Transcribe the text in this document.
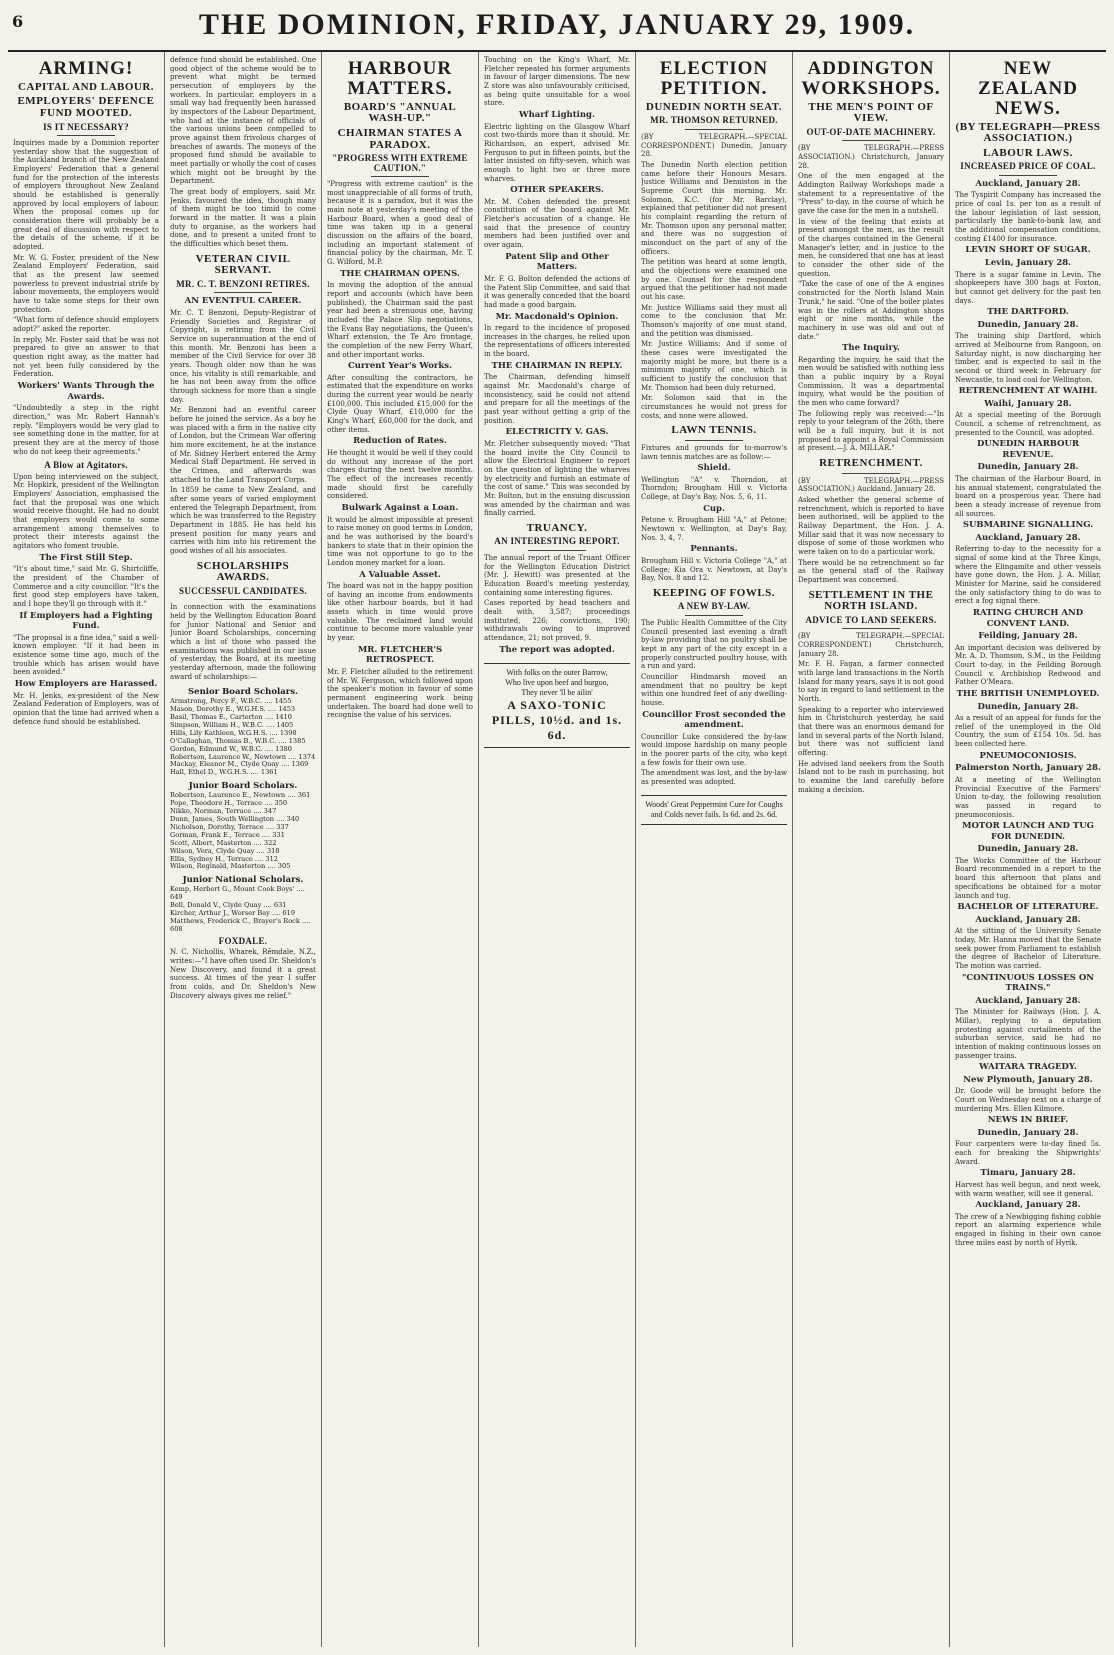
6	THE DOMINION, FRIDAY, JANUARY 29, 1909.
ARMING!
CAPITAL AND LABOUR.
EMPLOYERS' DEFENCE FUND MOOTED.
IS IT NECESSARY?

Inquiries made by a Dominion reporter yesterday show that the suggestion of the Auckland branch of the New Zealand Employers' Federation that a general fund for the protection of the interests of employers throughout New Zealand should be established is generally approved by local employers of labour. When the proposal comes up for consideration there will probably be a great deal of discussion with respect to the details of the scheme, if it be adopted.

Mr. W. G. Foster, president of the New Zealand Employers' Federation, said that as the present law seemed powerless to prevent industrial strife by labour movements, the employers would have to take some steps for their own protection.

"What form of defence should employers adopt?" asked the reporter.

In reply, Mr. Foster said that he was not prepared to give an answer to that question right away, as the matter had not yet been fully considered by the Federation.

Workers' Wants Through the Awards.

"Undoubtedly a step in the right direction," was Mr. Robert Hannah's reply. "Employers would be very glad to see something done in the matter, for at present they are at the mercy of those who do not keep their agreements."

A Blow at Agitators.

Upon being interviewed on the subject, Mr. Hopkirk, president of the Wellington Employers' Association, emphasised the fact that the proposal was one which would receive thought. He had no doubt that employers would come to some arrangement among themselves to protect their interests against the agitators who foment trouble.

The First Still Step.

"It's about time," said Mr. G. Shirtcliffe, the president of the Chamber of Commerce and a city councillor. "It's the first good step employers have taken, and I hope they'll go through with it."

If Employers had a Fighting Fund.

"The proposal is a fine idea," said a well-known employer. "If it had been in existence some time ago, much of the trouble which has arisen would have been avoided."

How Employers are Harassed.

Mr. H. Jenks, ex-president of the New Zealand Federation of Employers, was of opinion that the time had arrived when a defence fund should be established.

defence fund should be established. One good object of the scheme would be to prevent what might be termed persecution of employers by the workers. In particular, employers in a small way had frequently been harassed by inspectors of the Labour Department, who had at the instance of officials of the various unions been compelled to prove against them frivolous charges of breaches of awards. The moneys of the proposed fund should be available to meet partially or wholly the cost of cases which might not be brought by the Department.

The great body of employers, said Mr. Jenks, favoured the idea, though many of them might be too timid to come forward in the matter. It was a plain duty to organise, as the workers had done, and to present a united front to the difficulties which beset them.

VETERAN CIVIL SERVANT.
MR. C. T. BENZONI RETIRES.

AN EVENTFUL CAREER.

Mr. C. T. Benzoni, Deputy-Registrar of Friendly Societies and Registrar of Copyright, is retiring from the Civil Service on superannuation at the end of this month. Mr. Benzoni has been a member of the Civil Service for over 38 years. Though older now than he was once, his vitality is still remarkable, and he has not been away from the office through sickness for more than a single day.

Mr. Benzoni had an eventful career before he joined the service. As a boy he was placed with a firm in the native city of London, but the Crimean War offering him more excitement, he at the instance of Mr. Sidney Herbert entered the Army Medical Staff Department. He served in the Crimea, and afterwards was attached to the Land Transport Corps.

In 1859 he came to New Zealand, and after some years of varied employment entered the Telegraph Department, from which he was transferred to the Registry Department in 1885. He has held his present position for many years and carries with him into his retirement the good wishes of all his associates.

SCHOLARSHIPS AWARDS.
SUCCESSFUL CANDIDATES.

In connection with the examinations held by the Wellington Education Board for Junior National and Senior and Junior Board Scholarships, concerning which a list of those who passed the examinations was published in our issue of yesterday, the Board, at its meeting yesterday afternoon, made the following award of scholarships:—

Senior Board Scholars.

Armstrong, Percy F., W.B.C. .... 1455

Mason, Dorothy E., W.G.H.S. .... 1453

Basil, Thomas E., Carterton .... 1410

Simpson, William H., W.B.C. .... 1405

Hills, Lily Kathleen, W.G.H.S. .... 1398

O'Callaghan, Thomas B., W.B.C. .... 1385

Gordon, Edmund W., W.B.C. .... 1380

Robertson, Laurence W., Newtown .... 1374

Mackay, Eleanor M., Clyde Quay .... 1369

Hall, Ethel D., W.G.H.S. .... 1361

Junior Board Scholars.

Robertson, Laurence E., Newtown .... 361

Pope, Theodore H., Terrace .... 350

Nikko, Norman, Terrace .... 347

Dunn, James, South Wellington .... 340

Nicholson, Dorothy, Terrace .... 337

Gorman, Frank E., Terrace .... 331

Scott, Albert, Masterton .... 322

Wilson, Vera, Clyde Quay .... 318

Ellis, Sydney H., Terrace .... 312

Wilson, Reginald, Masterton .... 305

Junior National Scholars.

Kemp, Herbert G., Mount Cook Boys' .... 649

Bell, Donald V., Clyde Quay .... 631

Kircher, Arthur J., Worser Bay .... 619

Matthews, Frederick C., Brayer's Rock .... 608

FOXDALE.

N. C. Nichollis, Wharek, Rēmdale, N.Z., writes:—"I have often used Dr. Sheldon's New Discovery, and found it a great success. At times of the year I suffer from colds, and Dr. Sheldon's New Discovery always gives me relief."

HARBOUR MATTERS.
BOARD'S "ANNUAL WASH-UP."
CHAIRMAN STATES A PARADOX.
"PROGRESS WITH EXTREME CAUTION."

"Progress with extreme caution" is the most unappreciable of all forms of truth, because it is a paradox, but it was the main note at yesterday's meeting of the Harbour Board, when a good deal of time was taken up in a general discussion on the affairs of the board, including an important statement of financial policy by the chairman, Mr. T. G. Wilford, M.P.

THE CHAIRMAN OPENS.

In moving the adoption of the annual report and accounts (which have been published), the Chairman said the past year had been a strenuous one, having included the Palace Slip negotiations, the Evans Bay negotiations, the Queen's Wharf extension, the Te Aro frontage, the completion of the new Ferry Wharf, and other important works.

Current Year's Works.

After consulting the contractors, he estimated that the expenditure on works during the current year would be nearly £100,000. This included £15,000 for the Clyde Quay Wharf, £10,000 for the King's Wharf, £60,000 for the dock, and other items.

Reduction of Rates.

He thought it would be well if they could do without any increase of the port charges during the next twelve months. The effect of the increases recently made should first be carefully considered.

Bulwark Against a Loan.

It would be almost impossible at present to raise money on good terms in London, and he was authorised by the board's bankers to state that in their opinion the time was not opportune to go to the London money market for a loan.

A Valuable Asset.

The board was not in the happy position of having an income from endowments like other harbour boards, but it had assets which in time would prove valuable. The reclaimed land would continue to become more valuable year by year.

MR. FLETCHER'S RETROSPECT.

Mr. F. Fletcher alluded to the retirement of Mr. W. Ferguson, which followed upon the speaker's motion in favour of some permanent engineering work being undertaken. The board had done well to recognise the value of his services.

Touching on the King's Wharf, Mr. Fletcher repeated his former arguments in favour of larger dimensions. The new Z store was also unfavourably criticised, as being quite unsuitable for a wool store.

Wharf Lighting.

Electric lighting on the Glasgow Wharf cost two-thirds more than it should. Mr. Richardson, an expert, advised Mr. Ferguson to put in fifteen points, but the latter insisted on fifty-seven, which was enough to light two or three more wharves.

OTHER SPEAKERS.

Mr. M. Cohen defended the present constitution of the board against Mr. Fletcher's accusation of a change. He said that the presence of country members had been justified over and over again.

Patent Slip and Other Matters.

Mr. F. G. Bolton defended the actions of the Patent Slip Committee, and said that it was generally conceded that the board had made a good bargain.

Mr. Macdonald's Opinion.

In regard to the incidence of proposed increases in the charges, he relied upon the representations of officers interested in the board.

THE CHAIRMAN IN REPLY.

The Chairman, defending himself against Mr. Macdonald's charge of inconsistency, said he could not attend and prepare for all the meetings of the past year without getting a grip of the position.

ELECTRICITY V. GAS.

Mr. Fletcher subsequently moved: "That the board invite the City Council to allow the Electrical Engineer to report on the question of lighting the wharves by electricity and furnish an estimate of the cost of same." This was seconded by Mr. Bolton, but in the ensuing discussion was amended by the chairman and was finally carried.

TRUANCY.
AN INTERESTING REPORT.

The annual report of the Truant Officer for the Wellington Education District (Mr. J. Hewitt) was presented at the Education Board's meeting yesterday, containing some interesting figures.

Cases reported by head teachers and dealt with, 3,587; proceedings instituted, 226; convictions, 190; withdrawals owing to improved attendance, 21; not proved, 9.

The report was adopted.

With folks on the outer Barrow,
Who live upon beef and burgoo,
They never 'll be ailin'
A SAXO-TONIC PILLS, 10½d. and 1s. 6d.
ELECTION PETITION.
DUNEDIN NORTH SEAT.
MR. THOMSON RETURNED.

(BY TELEGRAPH.—SPECIAL CORRESPONDENT.) Dunedin, January 28.

The Dunedin North election petition came before their Honours Mesars. Justice Williams and Denniston in the Supreme Court this morning. Mr. Solomon, K.C. (for Mr. Barclay), explained that petitioner did not present his complaint regarding the return of Mr. Thomson upon any personal matter, and there was no suggestion of misconduct on the part of any of the officers.

The petition was heard at some length, and the objections were examined one by one. Counsel for the respondent argued that the petitioner had not made out his case.

Mr. Justice Williams said they must all come to the conclusion that Mr. Thomson's majority of one must stand, and the petition was dismissed.

Mr. Justice Williams: And if some of these cases were investigated the majority might be more, but there is a minimum majority of one, which is sufficient to justify the conclusion that Mr. Thomson had been duly returned.

Mr. Solomon said that in the circumstances he would not press for costs, and none were allowed.

LAWN TENNIS.

Fixtures and grounds for to-morrow's lawn tennis matches are as follow:—

Shield.

Wellington "A" v. Thorndon, at Thorndon; Brougham Hill v. Victoria College, at Day's Bay, Nos. 5, 6, 11.

Cup.

Petone v. Brougham Hill "A," at Petone; Newtown v. Wellington, at Day's Bay, Nos. 3, 4, 7.

Pennants.

Brougham Hill v. Victoria College "A," at College; Kia Ora v. Newtown, at Day's Bay, Nos. 8 and 12.

KEEPING OF FOWLS.
A NEW BY-LAW.

The Public Health Committee of the City Council presented last evening a draft by-law providing that no poultry shall be kept in any part of the city except in a properly constructed poultry house, with a run and yard.

Councillor Hindmarsh moved an amendment that no poultry be kept within one hundred feet of any dwelling-house.

Councillor Frost seconded the amendment.

Councillor Luke considered the by-law would impose hardship on many people in the poorer parts of the city, who kept a few fowls for their own use.

The amendment was lost, and the by-law as presented was adopted.

Woods' Great Peppermint Cure for Coughs
and Colds never fails. Is 6d. and 2s. 6d.
ADDINGTON WORKSHOPS.
THE MEN'S POINT OF VIEW.
OUT-OF-DATE MACHINERY.

(BY TELEGRAPH.—PRESS ASSOCIATION.) Christchurch, January 28.

One of the men engaged at the Addington Railway Workshops made a statement to a representative of the "Press" to-day, in the course of which he gave the case for the men in a nutshell.

In view of the feeling that exists at present amongst the men, as the result of the charges contained in the General Manager's letter, and in justice to the men, he considered that one has at least to consider the other side of the question.

"Take the case of one of the A engines constructed for the North Island Main Trunk," he said. "One of the boiler plates was in the rollers at Addington shops eight or nine months, while the machinery in use was old and out of date."

The Inquiry.

Regarding the inquiry, he said that the men would be satisfied with nothing less than a public inquiry by a Royal Commission. It was a departmental inquiry, what would be the position of the men who came forward?

The following reply was received:—"In reply to your telegram of the 26th, there will be a full inquiry, but it is not proposed to appoint a Royal Commission at present.—J. A. MILLAR."

RETRENCHMENT.

(BY TELEGRAPH.—PRESS ASSOCIATION.) Auckland, January 28.

Asked whether the general scheme of retrenchment, which is reported to have been authorised, will be applied to the Railway Department, the Hon. J. A. Millar said that it was now necessary to dispose of some of those workmen who were taken on to do a particular work.

There would be no retrenchment so far as the general staff of the Railway Department was concerned.

SETTLEMENT IN THE NORTH ISLAND.
ADVICE TO LAND SEEKERS.

(BY TELEGRAPH.—SPECIAL CORRESPONDENT.) Christchurch, January 28.

Mr. F. H. Fagan, a farmer connected with large land transactions in the North Island for many years, says it is not good to say in regard to land settlement in the North.

Speaking to a reporter who interviewed him in Christchurch yesterday, he said that there was an enormous demand for land in several parts of the North Island, but there was not sufficient land offering.

He advised land seekers from the South Island not to be rash in purchasing, but to examine the land carefully before making a decision.

NEW ZEALAND NEWS.
(BY TELEGRAPH—PRESS ASSOCIATION.)
LABOUR LAWS.
INCREASED PRICE OF COAL.

Auckland, January 28.

The Tyspirit Company has increased the price of coal 1s. per ton as a result of the labour legislation of last session, particularly the bank-to-bank law, and the additional compensation conditions, costing £1400 for insurance.

LEVIN SHORT OF SUGAR.

Levin, January 28.

There is a sugar famine in Levin. The shopkeepers have 300 bags at Foxton, but cannot get delivery for the past ten days.

THE DARTFORD.

Dunedin, January 28.

The training ship Dartford, which arrived at Melbourne from Rangoon, on Saturday night, is now discharging her timber, and is expected to sail in the second or third week in February for Newcastle, to load coal for Wellington.

RETRENCHMENT AT WAIHI.

Waihi, January 28.

At a special meeting of the Borough Council, a scheme of retrenchment, as presented to the Council, was adopted.

DUNEDIN HARBOUR REVENUE.

Dunedin, January 28.

The chairman of the Harbour Board, in his annual statement, congratulated the board on a prosperous year. There had been a steady increase of revenue from all sources.

SUBMARINE SIGNALLING.

Auckland, January 28.

Referring to-day to the necessity for a signal of some kind at the Three Kings, where the Elingamite and other vessels have gone down, the Hon. J. A. Millar, Minister for Marine, said he considered the only satisfactory thing to do was to erect a fog signal there.

RATING CHURCH AND CONVENT LAND.

Feilding, January 28.

An important decision was delivered by Mr. A. D. Thomson, S.M., in the Feilding Court to-day, in the Feilding Borough Council v. Archbishop Redwood and Father O'Meara.

THE BRITISH UNEMPLOYED.

Dunedin, January 28.

As a result of an appeal for funds for the relief of the unemployed in the Old Country, the sum of £154 10s. 5d. has been collected here.

PNEUMOCONIOSIS.

Palmerston North, January 28.

At a meeting of the Wellington Provincial Executive of the Farmers' Union to-day, the following resolution was passed in regard to pneumoconiosis.

MOTOR LAUNCH AND TUG FOR DUNEDIN.

Dunedin, January 28.

The Works Committee of the Harbour Board recommended in a report to the board this afternoon that plans and specifications be obtained for a motor launch and tug.

BACHELOR OF LITERATURE.

Auckland, January 28.

At the sitting of the University Senate today, Mr. Hanna moved that the Senate seek power from Parliament to establish the degree of Bachelor of Literature. The motion was carried.

"CONTINUOUS LOSSES ON TRAINS."

Auckland, January 28.

The Minister for Railways (Hon. J. A. Millar), replying to a deputation protesting against curtailments of the suburban service, said he had no intention of making continuous losses on passenger trains.

WAITARA TRAGEDY.

New Plymouth, January 28.

Dr. Goode will be brought before the Court on Wednesday next on a charge of murdering Mrs. Ellen Kilmore.

NEWS IN BRIEF.

Dunedin, January 28.

Four carpenters were to-day fined 5s. each for breaking the Shipwrights' Award.

Timaru, January 28.

Harvest has well begun, and next week, with warm weather, will see it general.

Auckland, January 28.

The crew of a Newbigging fishing cobble report an alarming experience while engaged in fishing in their own canoe three miles east by north of Hyrik.
